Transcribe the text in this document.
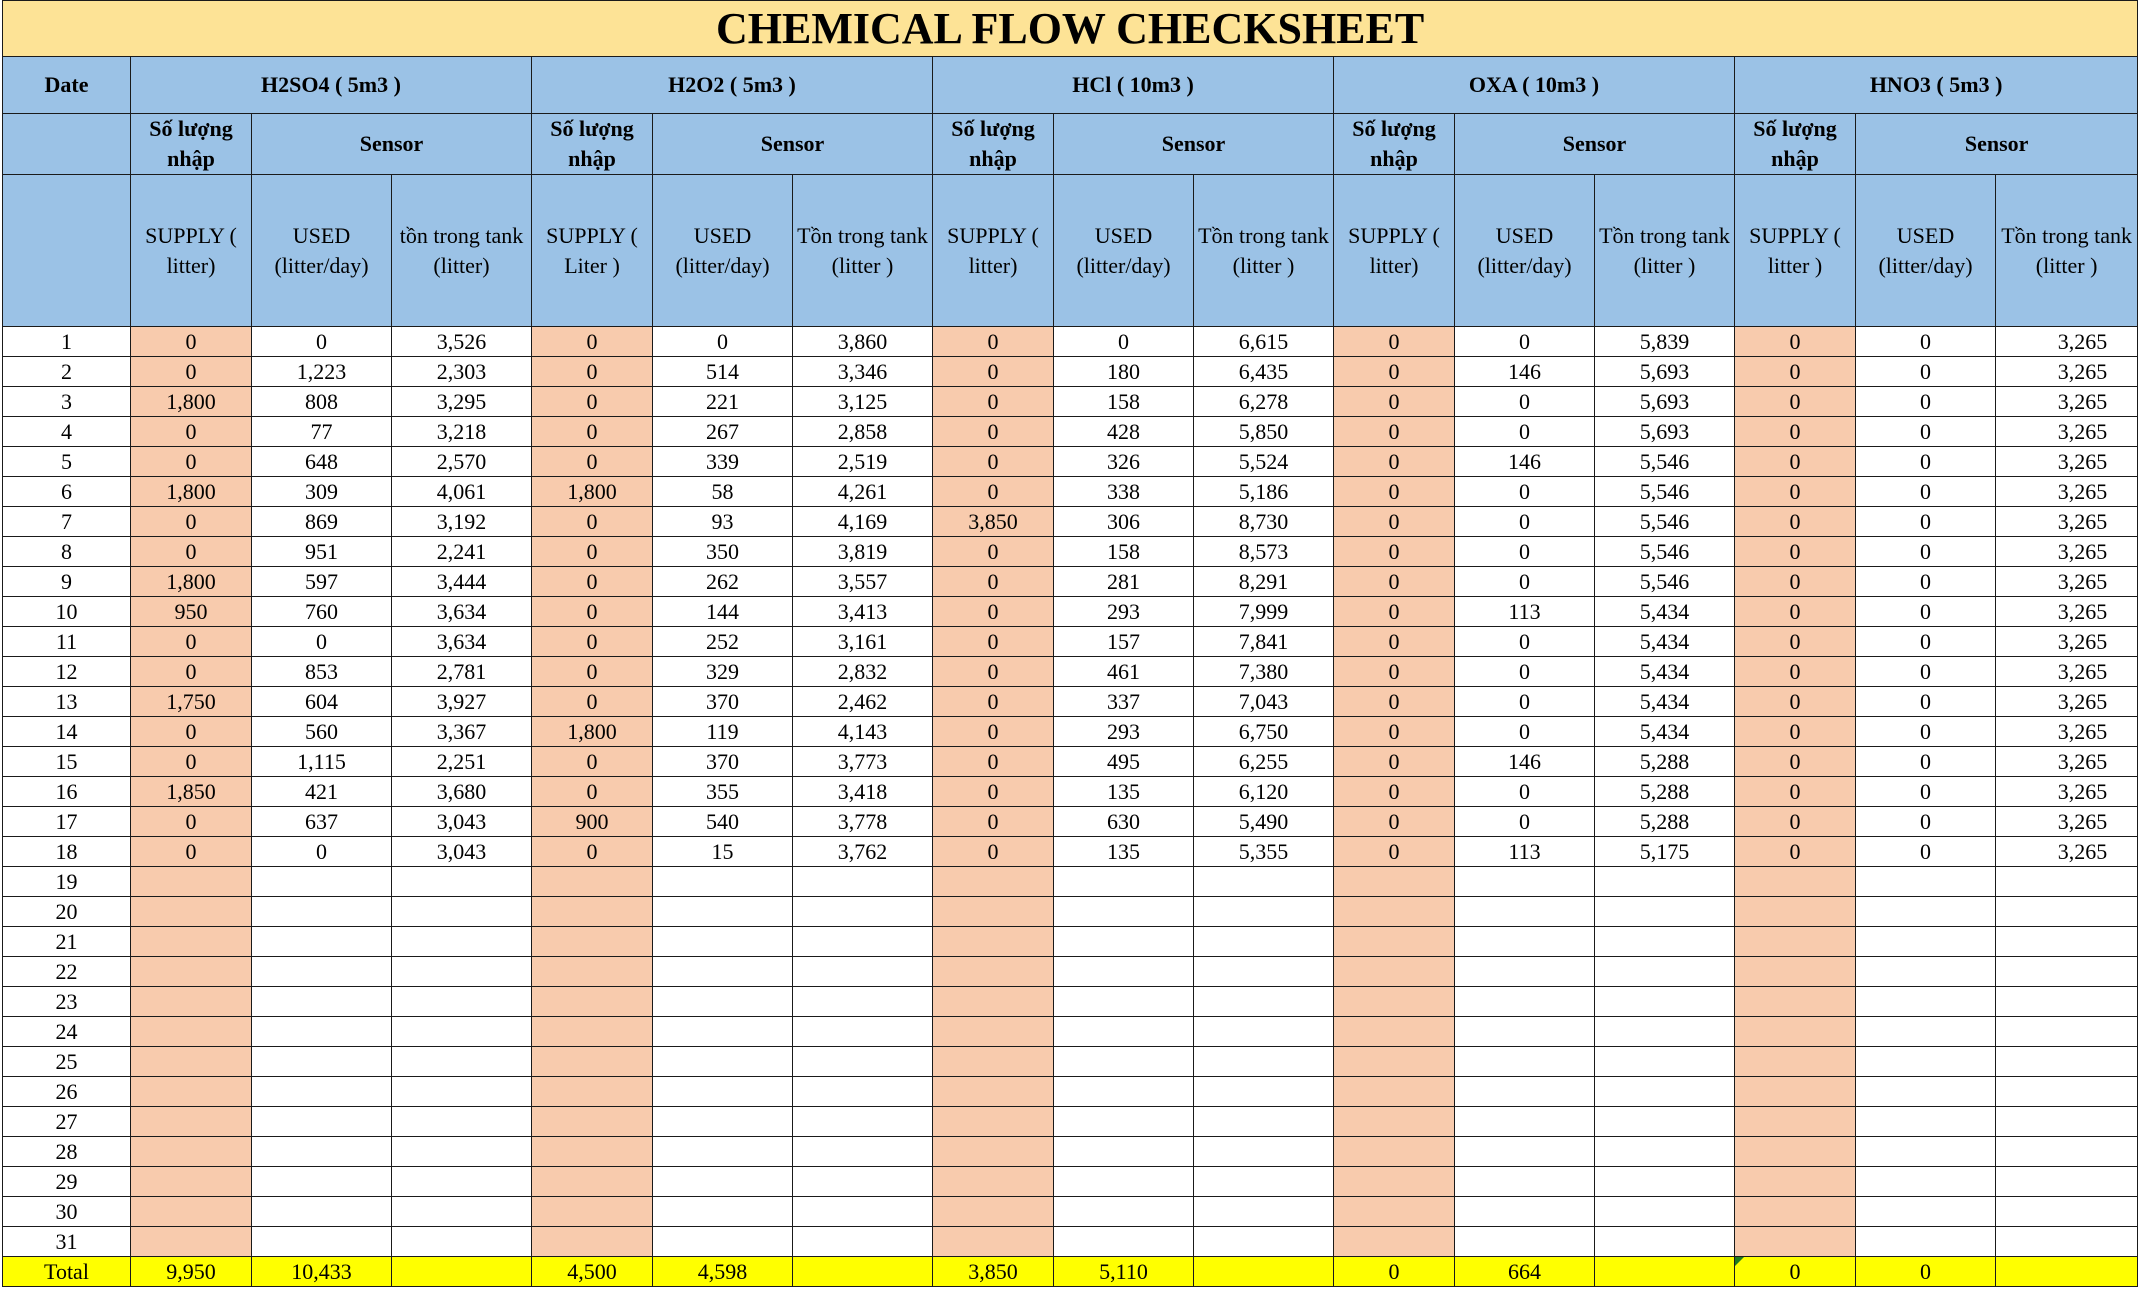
CHEMICAL FLOW CHECKSHEET															
Date	H2SO4 ( 5m3 )			H2O2 ( 5m3 )			HCl ( 10m3 )			OXA ( 10m3 )			HNO3 ( 5m3 )		
	Số lượng nhập	Sensor		Số lượng nhập	Sensor		Số lượng nhập	Sensor		Số lượng nhập	Sensor		Số lượng nhập	Sensor	
	SUPPLY ( litter)	USED (litter/day)	tồn trong tank (litter)	SUPPLY ( Liter )	USED (litter/day)	Tồn trong tank (litter )	SUPPLY ( litter)	USED (litter/day)	Tồn trong tank (litter )	SUPPLY ( litter)	USED (litter/day)	Tồn trong tank (litter )	SUPPLY ( litter )	USED (litter/day)	Tồn trong tank (litter )
1	0	0	3,526	0	0	3,860	0	0	6,615	0	0	5,839	0	0	3,265
2	0	1,223	2,303	0	514	3,346	0	180	6,435	0	146	5,693	0	0	3,265
3	1,800	808	3,295	0	221	3,125	0	158	6,278	0	0	5,693	0	0	3,265
4	0	77	3,218	0	267	2,858	0	428	5,850	0	0	5,693	0	0	3,265
5	0	648	2,570	0	339	2,519	0	326	5,524	0	146	5,546	0	0	3,265
6	1,800	309	4,061	1,800	58	4,261	0	338	5,186	0	0	5,546	0	0	3,265
7	0	869	3,192	0	93	4,169	3,850	306	8,730	0	0	5,546	0	0	3,265
8	0	951	2,241	0	350	3,819	0	158	8,573	0	0	5,546	0	0	3,265
9	1,800	597	3,444	0	262	3,557	0	281	8,291	0	0	5,546	0	0	3,265
10	950	760	3,634	0	144	3,413	0	293	7,999	0	113	5,434	0	0	3,265
11	0	0	3,634	0	252	3,161	0	157	7,841	0	0	5,434	0	0	3,265
12	0	853	2,781	0	329	2,832	0	461	7,380	0	0	5,434	0	0	3,265
13	1,750	604	3,927	0	370	2,462	0	337	7,043	0	0	5,434	0	0	3,265
14	0	560	3,367	1,800	119	4,143	0	293	6,750	0	0	5,434	0	0	3,265
15	0	1,115	2,251	0	370	3,773	0	495	6,255	0	146	5,288	0	0	3,265
16	1,850	421	3,680	0	355	3,418	0	135	6,120	0	0	5,288	0	0	3,265
17	0	637	3,043	900	540	3,778	0	630	5,490	0	0	5,288	0	0	3,265
18	0	0	3,043	0	15	3,762	0	135	5,355	0	113	5,175	0	0	3,265
19															
20															
21															
22															
23															
24															
25															
26															
27															
28															
29															
30															
31															
Total	9,950	10,433		4,500	4,598		3,850	5,110		0	664		0	0	
